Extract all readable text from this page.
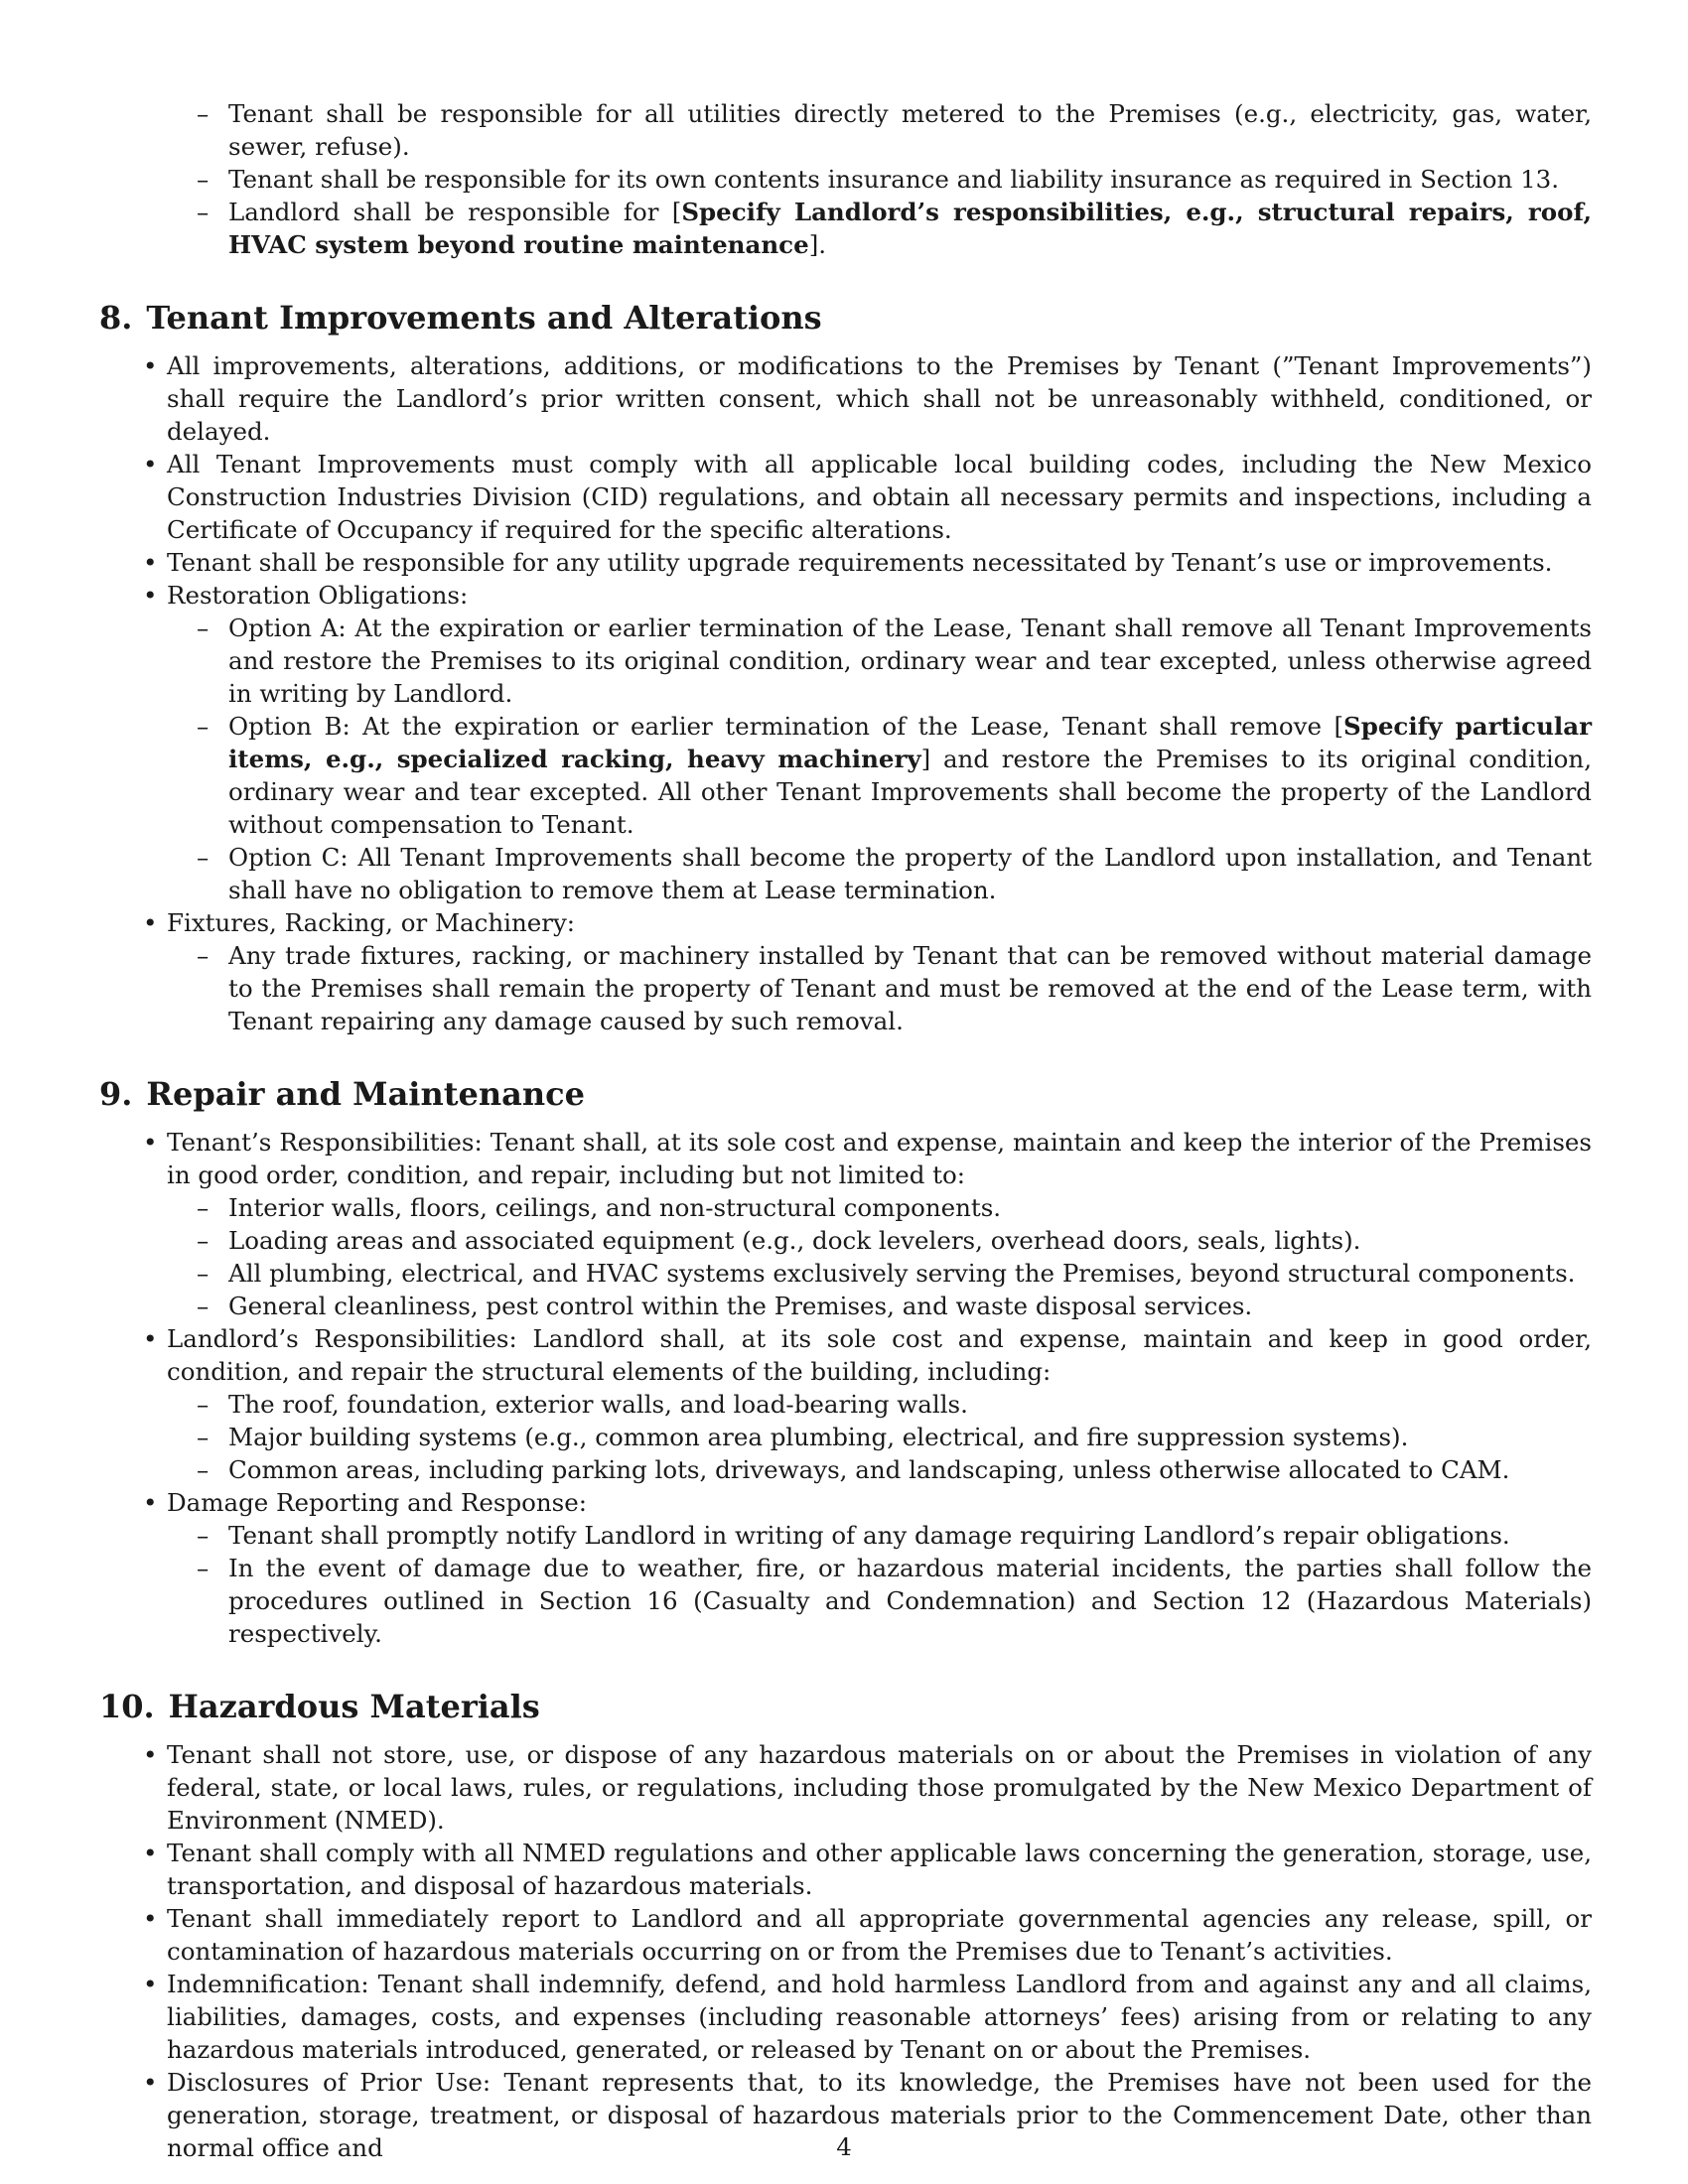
– Tenant shall be responsible for all utilities directly metered to the Premises (e.g., electricity, gas, water, sewer, refuse).
– Tenant shall be responsible for its own contents insurance and liability insurance as required in Section 13.
– Landlord shall be responsible for [Specify Landlord’s responsibilities, e.g., structural repairs, roof, HVAC system beyond routine maintenance].
8. Tenant Improvements and Alterations
• All improvements, alterations, additions, or modifications to the Premises by Tenant (”Tenant Improvements”) shall require the Landlord’s prior written consent, which shall not be unreasonably withheld, conditioned, or delayed.
• All Tenant Improvements must comply with all applicable local building codes, including the New Mexico Construction Industries Division (CID) regulations, and obtain all necessary permits and inspections, including a Certificate of Occupancy if required for the specific alterations.
• Tenant shall be responsible for any utility upgrade requirements necessitated by Tenant’s use or improvements.
• Restoration Obligations:
– Option A: At the expiration or earlier termination of the Lease, Tenant shall remove all Tenant Improvements and restore the Premises to its original condition, ordinary wear and tear excepted, unless otherwise agreed in writing by Landlord.
– Option B: At the expiration or earlier termination of the Lease, Tenant shall remove [Specify particular items, e.g., specialized racking, heavy machinery] and restore the Premises to its original condition, ordinary wear and tear excepted. All other Tenant Improvements shall become the property of the Landlord without compensation to Tenant.
– Option C: All Tenant Improvements shall become the property of the Landlord upon installation, and Tenant shall have no obligation to remove them at Lease termination.
• Fixtures, Racking, or Machinery:
– Any trade fixtures, racking, or machinery installed by Tenant that can be removed without material damage to the Premises shall remain the property of Tenant and must be removed at the end of the Lease term, with Tenant repairing any damage caused by such removal.
9. Repair and Maintenance
• Tenant’s Responsibilities: Tenant shall, at its sole cost and expense, maintain and keep the interior of the Premises in good order, condition, and repair, including but not limited to:
– Interior walls, floors, ceilings, and non-structural components.
– Loading areas and associated equipment (e.g., dock levelers, overhead doors, seals, lights).
– All plumbing, electrical, and HVAC systems exclusively serving the Premises, beyond structural components.
– General cleanliness, pest control within the Premises, and waste disposal services.
• Landlord’s Responsibilities: Landlord shall, at its sole cost and expense, maintain and keep in good order, condition, and repair the structural elements of the building, including:
– The roof, foundation, exterior walls, and load-bearing walls.
– Major building systems (e.g., common area plumbing, electrical, and fire suppression systems).
– Common areas, including parking lots, driveways, and landscaping, unless otherwise allocated to CAM.
• Damage Reporting and Response:
– Tenant shall promptly notify Landlord in writing of any damage requiring Landlord’s repair obligations.
– In the event of damage due to weather, fire, or hazardous material incidents, the parties shall follow the procedures outlined in Section 16 (Casualty and Condemnation) and Section 12 (Hazardous Materials) respectively.
10. Hazardous Materials
• Tenant shall not store, use, or dispose of any hazardous materials on or about the Premises in violation of any federal, state, or local laws, rules, or regulations, including those promulgated by the New Mexico Department of Environment (NMED).
• Tenant shall comply with all NMED regulations and other applicable laws concerning the generation, storage, use, transportation, and disposal of hazardous materials.
• Tenant shall immediately report to Landlord and all appropriate governmental agencies any release, spill, or contamination of hazardous materials occurring on or from the Premises due to Tenant’s activities.
• Indemnification: Tenant shall indemnify, defend, and hold harmless Landlord from and against any and all claims, liabilities, damages, costs, and expenses (including reasonable attorneys’ fees) arising from or relating to any hazardous materials introduced, generated, or released by Tenant on or about the Premises.
• Disclosures of Prior Use: Tenant represents that, to its knowledge, the Premises have not been used for the generation, storage, treatment, or disposal of hazardous materials prior to the Commencement Date, other than normal office and	4
